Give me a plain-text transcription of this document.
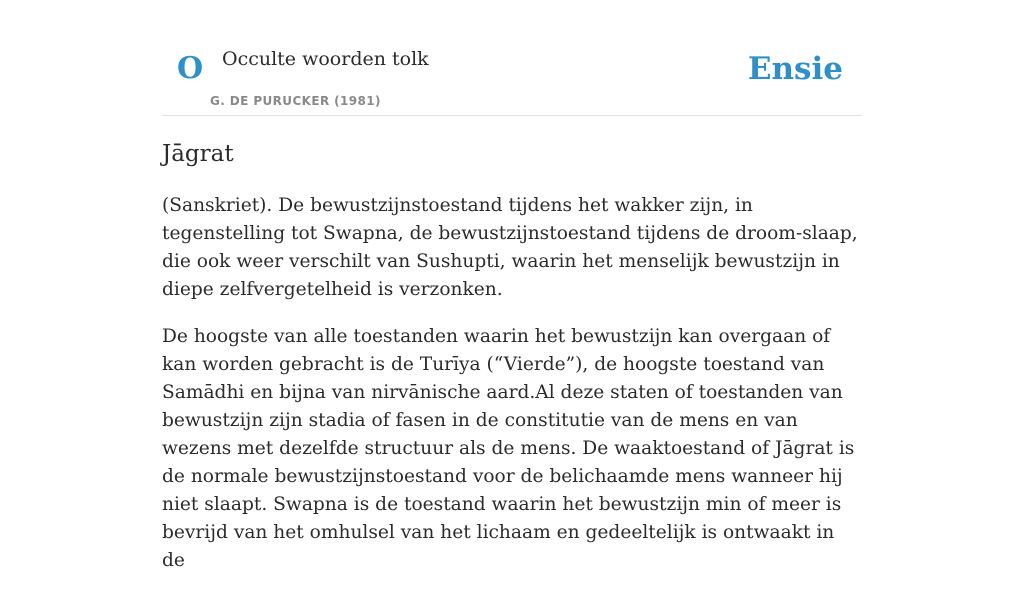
O Occulte woorden tolk
G. DE PURUCKER (1981)
Ensie
Jāgrat

(Sanskriet). De bewustzijnstoestand tijdens het wakker zijn, in tegenstelling tot Swapna, de bewustzijnstoestand tijdens de droom-slaap, die ook weer verschilt van Sushupti, waarin het menselijk bewustzijn in diepe zelfvergetelheid is verzonken.

De hoogste van alle toestanden waarin het bewustzijn kan overgaan of kan worden gebracht is de Turīya (“Vierde”), de hoogste toestand van Samādhi en bijna van nirvānische aard.Al deze staten of toestanden van bewustzijn zijn stadia of fasen in de constitutie van de mens en van wezens met dezelfde structuur als de mens. De waaktoestand of Jāgrat is de normale bewustzijnstoestand voor de belichaamde mens wanneer hij niet slaapt. Swapna is de toestand waarin het bewustzijn min of meer is bevrijd van het omhulsel van het lichaam en gedeeltelijk is ontwaakt in de
